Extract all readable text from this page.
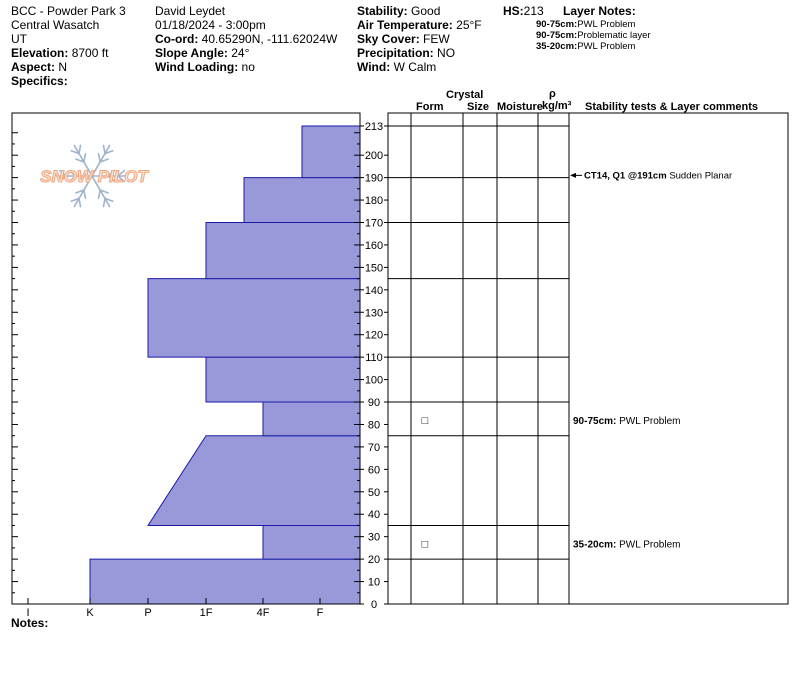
BCC - Powder Park 3
Central Wasatch
UT
Elevation: 8700 ft
Aspect: N
Specifics:
David Leydet
01/18/2024 - 3:00pm
Co-ord: 40.65290N, -111.62024W
Slope Angle: 24°
Wind Loading: no
Stability: Good
Air Temperature: 25°F
Sky Cover: FEW
Precipitation: NO
Wind: W Calm
HS:213 Layer Notes:
90-75cm:PWL Problem
90-75cm:Problematic layer
35-20cm:PWL Problem
Crystal
Form Size Moisture
ρ
kg/m³ Stability tests & Layer comments
SNOW PILOT
0
10
20
30
40
50
60
70
80
90
100
110
120
130
140
150
160
170
180
190
200
213
I	K	P	1F	4F	F
□
□
CT14, Q1 @191cm Sudden Planar
90-75cm: PWL Problem
35-20cm: PWL Problem
Notes:
